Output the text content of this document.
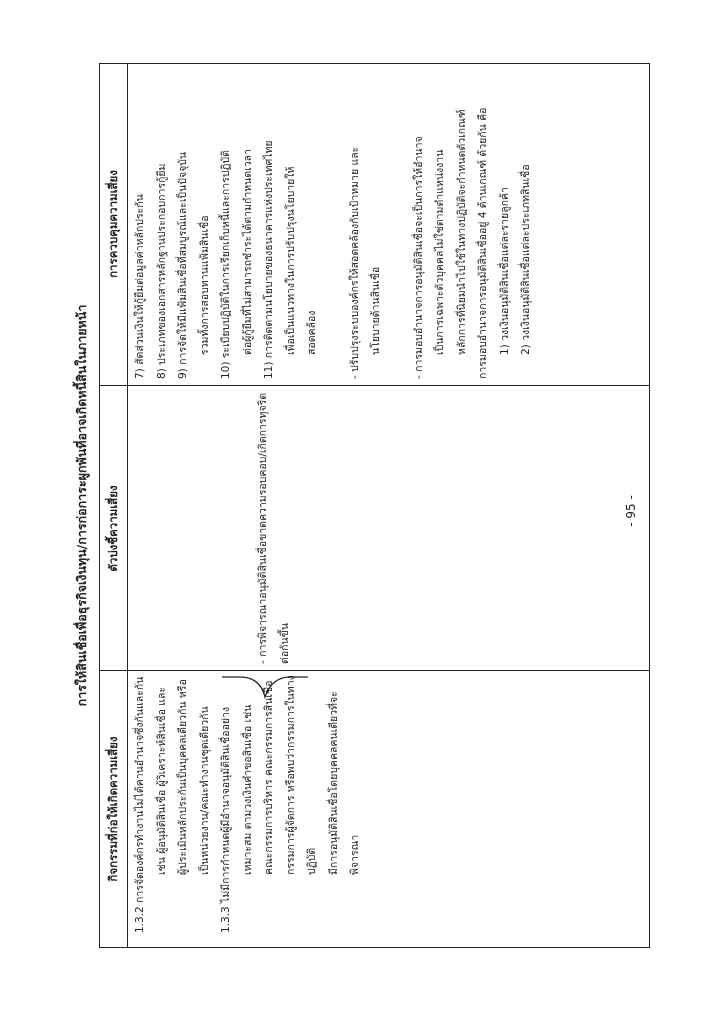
- 95 -
การให้สินเชื่อเพื่อธุรกิจเงินทุน/การก่อการะผูกพันที่อาจเกิดหนี้สินในภายหน้า
กิจกรรมที่ก่อให้เกิดความเสี่ยง
ตัวบ่งชี้ความเสี่ยง
การควบคุมความเสี่ยง
1.3.2 การจัดองค์กรทำงานไม่ได้คานอำนาจซึ่งกันและกัน เช่น ผู้อนุมัติสินเชื่อ ผู้วิเคราะห์สินเชื่อ และ ผู้ประเมินหลักประกันเป็นบุคคลเดียวกัน หรือ เป็นหน่วยงาน/คณะทำงานชุดเดียวกัน 1.3.3 ไม่มีการกำหนดผู้มีอำนาจอนุมัติสินเชื่ออย่าง เหมาะสม ตามวงเงินคำขอสินเชื่อ เช่น คณะกรรมการบริหาร คณะกรรมการสินเชื่อ กรรมการผู้จัดการ หรือพบว่ากรรมการในทางปฏิบัติ มีการอนุมัติสินเชื่อโดยบุคคลคนเดียวที่จะพิจารณา
- การพิจารณาอนุมัติสินเชื่อขาดความรอบคอบ/เกิดการทุจริตต่อกันขึ้น
7) สัดส่วนเงินให้กู้ยืมต่อมูลค่าหลักประกัน 8) ประเภทของเอกสารหลักฐานประกอบการกู้ยืม 9) การจัดให้มีแฟ้มสินเชื่อที่สมบูรณ์และเป็นปัจจุบัน รวมทั้งการสอบทานแฟ้มสินเชื่อ 10) ระเบียบปฏิบัติในการเรียกเก็บหนี้และการปฏิบัติ ต่อผู้กู้ยืมที่ไม่สามารถชำระได้ตามกำหนดเวลา 11) การติดตามนโยบายของธนาคารแห่งประเทศไทย เพื่อเป็นแนวทางในการปรับปรุงนโยบายให้ สอดคล้อง	- ปรับปรุงระบบองค์กรให้สอดคล้องกับเป้าหมาย และ นโยบายด้านสินเชื่อ	- การมอบอำนาจการอนุมัติสินเชื่อจะเป็นการให้อำนาจ เป็นการเฉพาะตัวบุคคลไม่ใช่ตามตำแหน่งงาน หลักการที่นิยมนำไปใช้ในทางปฏิบัติจะกำหนดตัวเกณฑ์ การมอบอำนาจการอนุมัติสินเชื่ออยู่ 4 ด้านเกณฑ์ ด้วยกัน คือ 1) วงเงินอนุมัติสินเชื่อแต่ละรายลูกค้า 2) วงเงินอนุมัติสินเชื่อแต่ละประเภทสินเชื่อ
